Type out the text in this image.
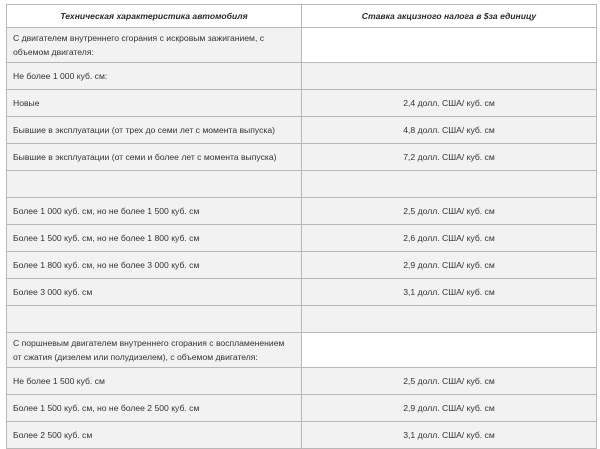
Техническая характеристика автомобиля	Ставка акцизного налога в $за единицу
С двигателем внутреннего сгорания с искровым зажиганием, с объемом двигателя:	
Не более 1 000 куб. см:	
Новые	2,4 долл. США/ куб. см
Бывшие в эксплуатации (от трех до семи лет с момента выпуска)	4,8 долл. США/ куб. см
Бывшие в эксплуатации (от семи и более лет с момента выпуска)	7,2 долл. США/ куб. см

Более 1 000 куб. см, но не более 1 500 куб. см	2,5 долл. США/ куб. см
Более 1 500 куб. см, но не более 1 800 куб. см	2,6 долл. США/ куб. см
Более 1 800 куб. см, но не более 3 000 куб. см	2,9 долл. США/ куб. см
Более 3 000 куб. см	3,1 долл. США/ куб. см

С поршневым двигателем внутреннего сгорания с воспламенением от сжатия (дизелем или полудизелем), с объемом двигателя:	
Не более 1 500 куб. см	2,5 долл. США/ куб. см
Более 1 500 куб. см, но не более 2 500 куб. см	2,9 долл. США/ куб. см
Более 2 500 куб. см	3,1 долл. США/ куб. см
